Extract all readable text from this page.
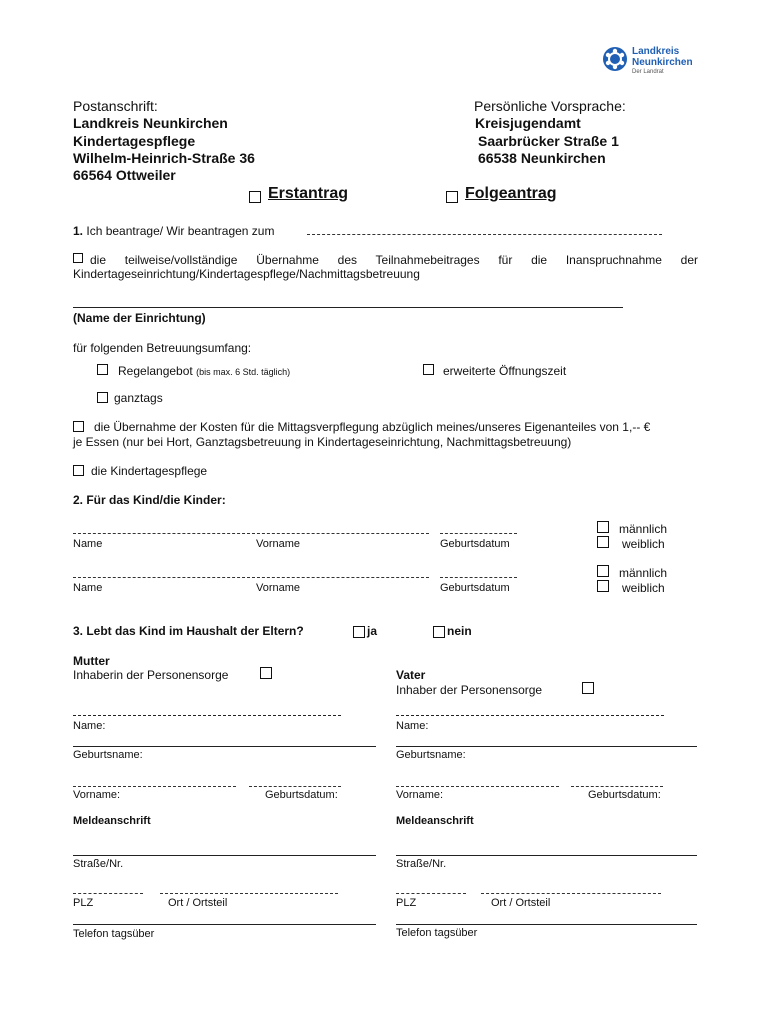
Landkreis
Neunkirchen
Der Landrat
Postanschrift:
Landkreis Neunkirchen
Kindertagespflege
Wilhelm-Heinrich-Straße 36
66564 Ottweiler
Persönliche Vorsprache:
Kreisjugendamt
Saarbrücker Straße 1
66538 Neunkirchen
Erstantrag	Folgeantrag
1. Ich beantrage/ Wir beantragen zum
die teilweise/vollständige Übernahme des Teilnahmebeitrages für die Inanspruchnahme der
Kindertageseinrichtung/Kindertagespflege/Nachmittagsbetreuung
(Name der Einrichtung)
für folgenden Betreuungsumfang:
Regelangebot (bis max. 6 Std. täglich)	erweiterte Öffnungszeit
ganztags
die Übernahme der Kosten für die Mittagsverpflegung abzüglich meines/unseres Eigenanteiles von 1,-- €
je Essen (nur bei Hort, Ganztagsbetreuung in Kindertageseinrichtung, Nachmittagsbetreuung)
die Kindertagespflege
2. Für das Kind/die Kinder:
Name	Vorname	Geburtsdatum
männlich
weiblich
Name	Vorname	Geburtsdatum
männlich
weiblich
3. Lebt das Kind im Haushalt der Eltern?	ja	nein
Mutter
Inhaberin der Personensorge
Name:
Geburtsname:
Vorname:	Geburtsdatum:
Meldeanschrift
Straße/Nr.
PLZ	Ort / Ortsteil
Telefon tagsüber
Vater
Inhaber der Personensorge
Name:
Geburtsname:
Vorname:	Geburtsdatum:
Meldeanschrift
Straße/Nr.
PLZ	Ort / Ortsteil
Telefon tagsüber
